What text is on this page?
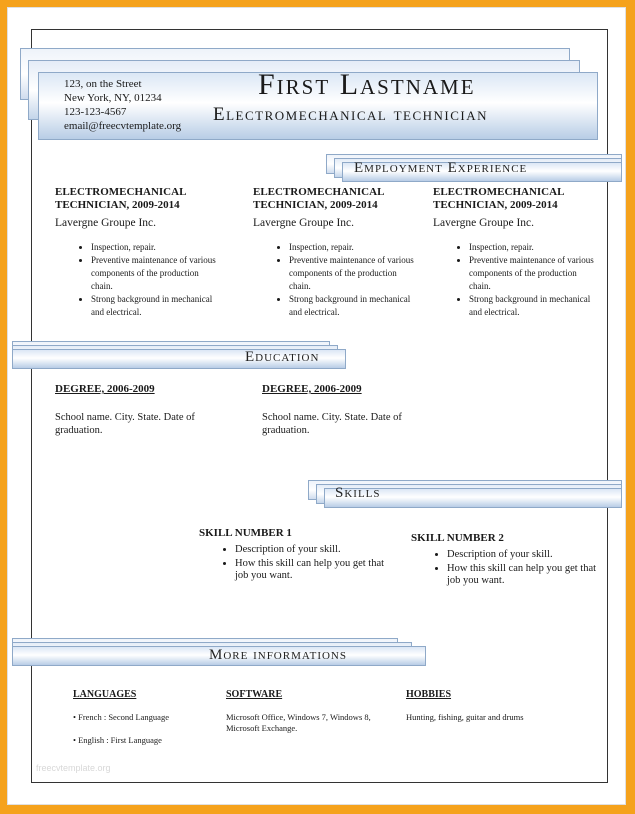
123, on the Street
New York, NY, 01234
123-123-4567
email@freecvtemplate.org
First Lastname
Electromechanical technician
Employment Experience
ELECTROMECHANICAL
TECHNICIAN, 2009-2014
Lavergne Groupe Inc.
• Inspection, repair.
• Preventive maintenance of various components of the production chain.
• Strong background in mechanical and electrical.
ELECTROMECHANICAL
TECHNICIAN, 2009-2014
Lavergne Groupe Inc.
• Inspection, repair.
• Preventive maintenance of various components of the production chain.
• Strong background in mechanical and electrical.
ELECTROMECHANICAL
TECHNICIAN, 2009-2014
Lavergne Groupe Inc.
• Inspection, repair.
• Preventive maintenance of various components of the production chain.
• Strong background in mechanical and electrical.
Education
DEGREE, 2006-2009
School name. City. State. Date of graduation.
DEGREE, 2006-2009
School name. City. State. Date of graduation.
Skills
SKILL NUMBER 1
• Description of your skill.
• How this skill can help you get that job you want.
SKILL NUMBER 2
• Description of your skill.
• How this skill can help you get that job you want.
More informations
LANGUAGES
• French : Second Language
• English : First Language
SOFTWARE
Microsoft Office, Windows 7, Windows 8, Microsoft Exchange.
HOBBIES
Hunting, fishing, guitar and drums
freecvtemplate.org
